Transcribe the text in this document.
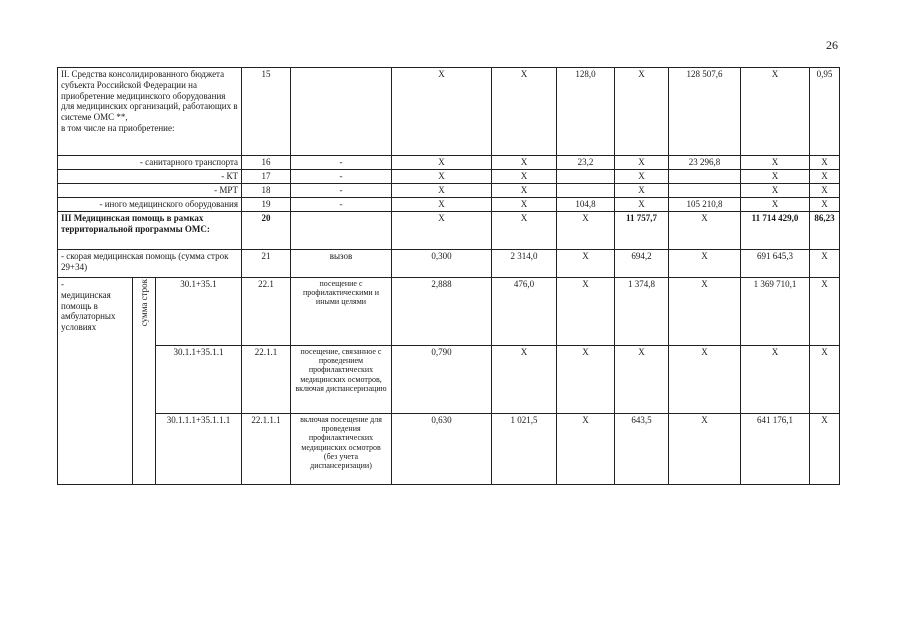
26
II. Средства консолидированного бюджета субъекта Российской Федерации на приобретение медицинского оборудования для медицинских организаций, работающих в системе ОМС **,
в том числе на приобретение:			15		Х	Х	128,0	Х	128 507,6	Х	0,95
- санитарного транспорта			16	-	Х	Х	23,2	Х	23 296,8	Х	Х
- КТ			17	-	Х	Х		Х		Х	Х
- МРТ			18	-	Х	Х		Х		Х	Х
- иного медицинского оборудования			19	-	Х	Х	104,8	Х	105 210,8	Х	Х
III Медицинская помощь в рамках территориальной программы ОМС:			20		Х	Х	Х	11 757,7	Х	11 714 429,0	86,23
- скорая медицинская помощь (сумма строк 29+34)			21	вызов	0,300	2 314,0	Х	694,2	Х	691 645,3	Х
-
медицинская помощь в амбулаторных условиях	сумма строк	30.1+35.1	22.1	посещение с профилактическими и иными целями	2,888	476,0	Х	1 374,8	Х	1 369 710,1	Х
		30.1.1+35.1.1	22.1.1	посещение, связанное с проведением профилактических медицинских осмотров, включая диспансеризацию	0,790	Х	Х	Х	Х	Х	Х
		30.1.1.1+35.1.1.1	22.1.1.1	включая посещение для проведения профилактических медицинских осмотров (без учета диспансеризации)	0,630	1 021,5	Х	643,5	Х	641 176,1	Х
